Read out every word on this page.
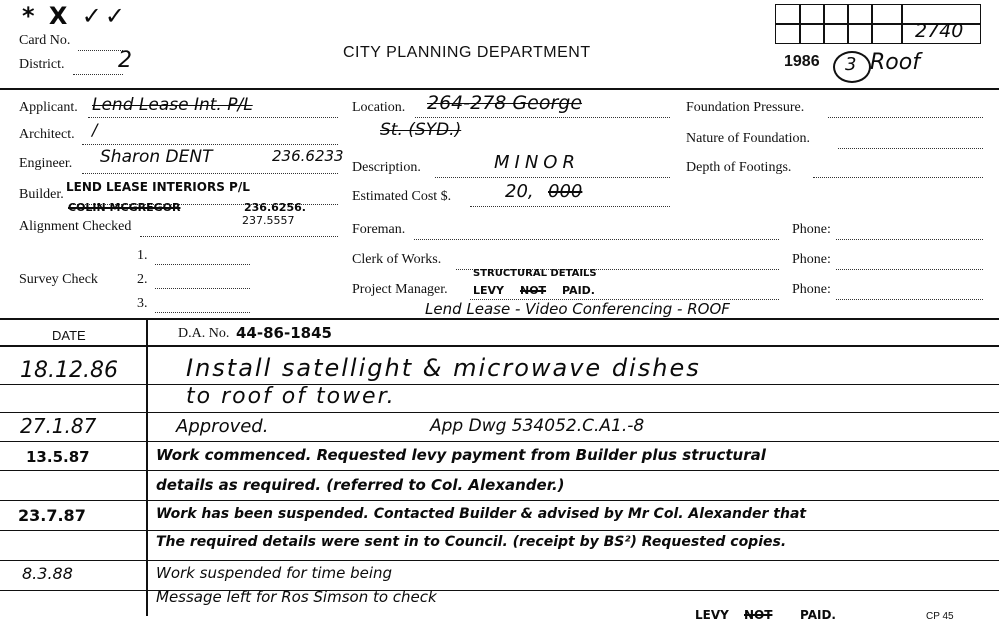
* X ✓✓
Card No.
District. 2	CITY PLANNING DEPARTMENT
2740
1986 3 Roof
Applicant. Lend Lease Int. P/L
Architect. /
Engineer. Sharon DENT	236.6233
Builder. LEND LEASE INTERIORS P/L
COLIN MCGREGOR	236.6256.
237.5557
Alignment Checked
Survey Check
1.
2.
3.
Location. 264-278 George
St. (SYD.)
Description.	MINOR
Estimated Cost $.	20, 000
Foreman.
Clerk of Works.
Project Manager.
STRUCTURAL DETAILS
LEVY NOT PAID.
Lend Lease - Video Conferencing - ROOF
Foundation Pressure.
Nature of Foundation.
Depth of Footings.
Phone:
Phone:
Phone:
DATE	D.A. No. 44-86-1845
18.12.86	Install satellight & microwave dishes
to roof of tower.
27.1.87	Approved.	App Dwg 534052.C.A1.-8
13.5.87	Work commenced. Requested levy payment from Builder plus structural
details as required. (referred to Col. Alexander.)
23.7.87	Work has been suspended. Contacted Builder & advised by Mr Col. Alexander that
The required details were sent in to Council. (receipt by BS²) Requested copies.
8.3.88	Work suspended for time being
Message left for Ros Simson to check
LEVY NOT PAID.	CP 45
